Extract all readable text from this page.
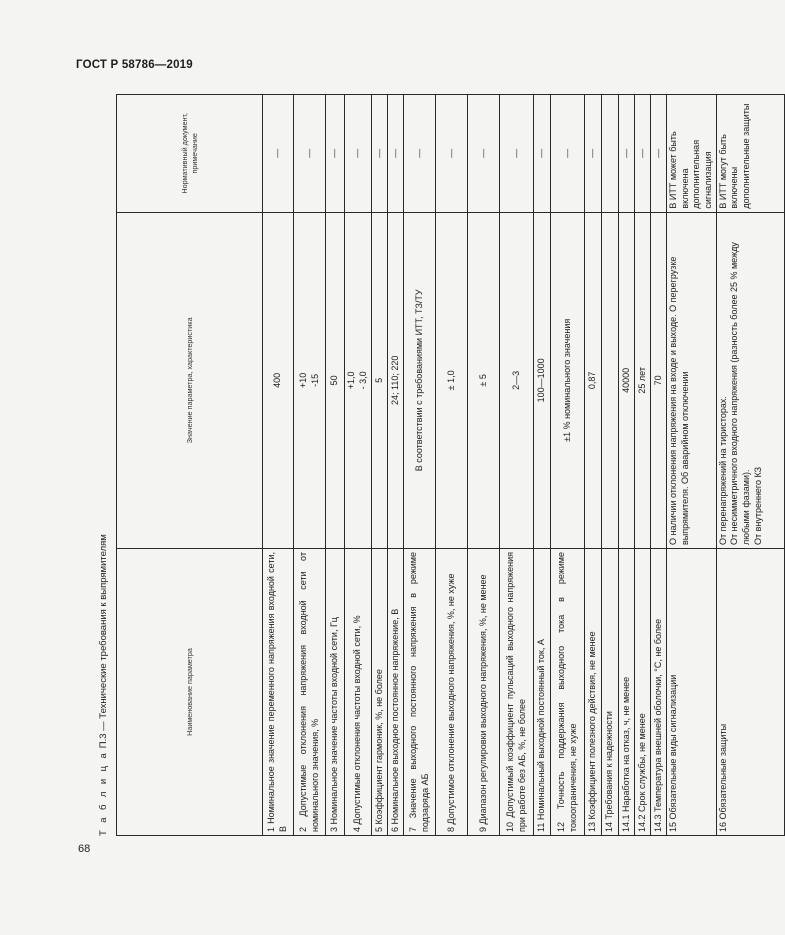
ГОСТ Р 58786—2019
68
Т а б л и ц а П.3 — Технические требования к выпрямителям	Наименование параметра	Значение параметра, характеристика	Нормативный документ, примечание
1 Номинальное значение переменного напряжения входной сети, В	400	—
2 Допустимые отклонения напряжения входной сети от номинального значения, %	+10 -15	—
3 Номинальное значение частоты входной сети, Гц	50	—
4 Допустимые отклонения частоты входной сети, %	+1,0 - 3,0	—
5 Коэффициент гармоник, %, не более	5	—
6 Номинальное выходное постоянное напряжение, В	24; 110; 220	—
7 Значение выходного постоянного напряжения в режиме подзаряда АБ	В соответствии с требованиями ИТТ, ТЗ/ТУ	—
8 Допустимое отклонение выходного напряжения, %, не хуже	± 1,0	—
9 Диапазон регулировки выходного напряжения, %, не менее	± 5	—
10 Допустимый коэффициент пульсаций выходного напряжения при работе без АБ, %, не более	2—3	—
11 Номинальный выходной постоянный ток, А	100—1000	—
12 Точность поддержания выходного тока в режиме токоограничения, не хуже	±1 % номинального значения	—
13 Коэффициент полезного действия, не менее	0,87	—
14 Требования к надежности		
14.1 Наработка на отказ, ч, не менее	40000	—
14.2 Срок службы, не менее	25 лет	—
14.3 Температура внешней оболочки, °С, не более	70	—
15 Обязательные виды сигнализации	О наличии отклонения напряжения на входе и выходе. О перегрузке выпрямителя. Об аварийном отключении	В ИТТ может быть включена дополнительная сигнализация
16 Обязательные защиты	От перенапряжений на тиристорах. От несимметричного входного напряжения (разность более 25 % между любыми фазами). От внутреннего КЗ	В ИТТ могут быть включены дополнительные защиты
